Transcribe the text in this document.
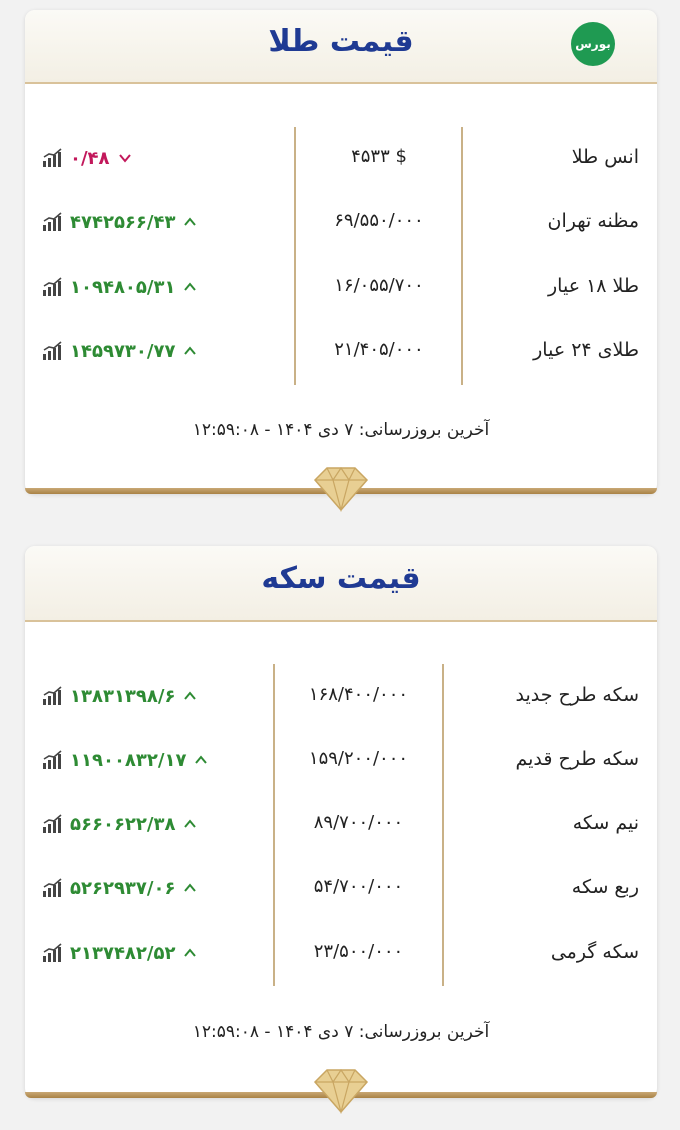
قیمت طلا	بورس
انس طلا
۴۵۳۳ $
۰/۴۸
مظنه تهران
۶۹/۵۵۰/۰۰۰
۴۷۴۲۵۶۶/۴۳
طلا ۱۸ عیار
۱۶/۰۵۵/۷۰۰
۱۰۹۴۸۰۵/۳۱
طلای ۲۴ عیار
۲۱/۴۰۵/۰۰۰
۱۴۵۹۷۳۰/۷۷
آخرین بروزرسانی: ۷ دی ۱۴۰۴ - ۱۲:۵۹:۰۸
قیمت سکه
سکه طرح جدید
۱۶۸/۴۰۰/۰۰۰
۱۳۸۳۱۳۹۸/۶
سکه طرح قدیم
۱۵۹/۲۰۰/۰۰۰
۱۱۹۰۰۸۳۲/۱۷
نیم سکه
۸۹/۷۰۰/۰۰۰
۵۶۶۰۶۲۲/۳۸
ربع سکه
۵۴/۷۰۰/۰۰۰
۵۲۶۲۹۳۷/۰۶
سکه گرمی
۲۳/۵۰۰/۰۰۰
۲۱۳۷۴۸۲/۵۲
آخرین بروزرسانی: ۷ دی ۱۴۰۴ - ۱۲:۵۹:۰۸
